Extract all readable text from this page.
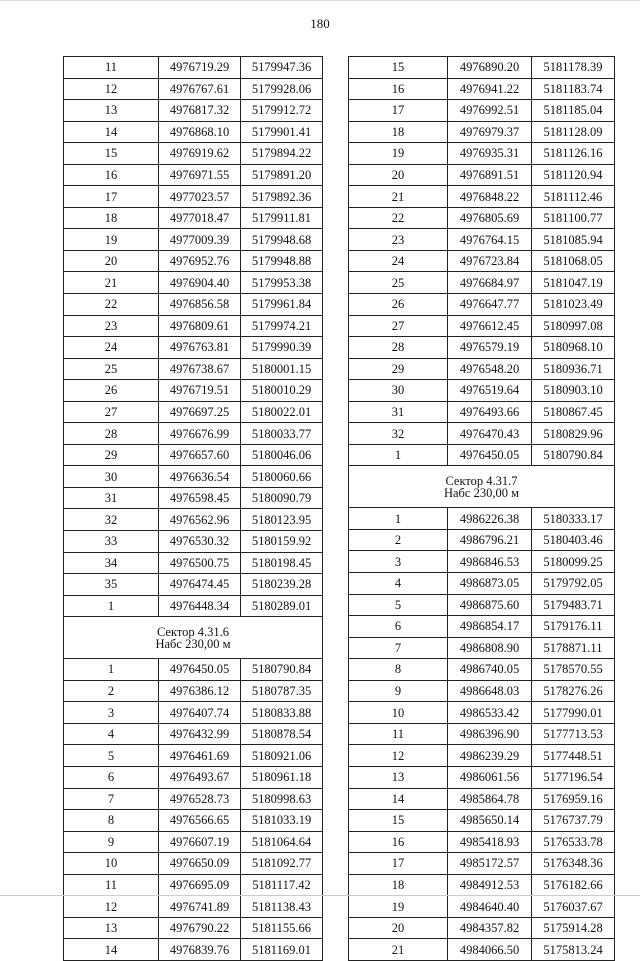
180
11	4976719.29	5179947.36
12	4976767.61	5179928.06
13	4976817.32	5179912.72
14	4976868.10	5179901.41
15	4976919.62	5179894.22
16	4976971.55	5179891.20
17	4977023.57	5179892.36
18	4977018.47	5179911.81
19	4977009.39	5179948.68
20	4976952.76	5179948.88
21	4976904.40	5179953.38
22	4976856.58	5179961.84
23	4976809.61	5179974.21
24	4976763.81	5179990.39
25	4976738.67	5180001.15
26	4976719.51	5180010.29
27	4976697.25	5180022.01
28	4976676.99	5180033.77
29	4976657.60	5180046.06
30	4976636.54	5180060.66
31	4976598.45	5180090.79
32	4976562.96	5180123.95
33	4976530.32	5180159.92
34	4976500.75	5180198.45
35	4976474.45	5180239.28
1	4976448.34	5180289.01

Сектор 4.31.6
Набс 230,00 м		

1	4976450.05	5180790.84
2	4976386.12	5180787.35
3	4976407.74	5180833.88
4	4976432.99	5180878.54
5	4976461.69	5180921.06
6	4976493.67	5180961.18
7	4976528.73	5180998.63
8	4976566.65	5181033.19
9	4976607.19	5181064.64
10	4976650.09	5181092.77
11	4976695.09	5181117.42
12	4976741.89	5181138.43
13	4976790.22	5181155.66
14	4976839.76	5181169.01
15	4976890.20	5181178.39
16	4976941.22	5181183.74
17	4976992.51	5181185.04
18	4976979.37	5181128.09
19	4976935.31	5181126.16
20	4976891.51	5181120.94
21	4976848.22	5181112.46
22	4976805.69	5181100.77
23	4976764.15	5181085.94
24	4976723.84	5181068.05
25	4976684.97	5181047.19
26	4976647.77	5181023.49
27	4976612.45	5180997.08
28	4976579.19	5180968.10
29	4976548.20	5180936.71
30	4976519.64	5180903.10
31	4976493.66	5180867.45
32	4976470.43	5180829.96
1	4976450.05	5180790.84

Сектор 4.31.7
Набс 230,00 м		

1	4986226.38	5180333.17
2	4986796.21	5180403.46
3	4986846.53	5180099.25
4	4986873.05	5179792.05
5	4986875.60	5179483.71
6	4986854.17	5179176.11
7	4986808.90	5178871.11
8	4986740.05	5178570.55
9	4986648.03	5178276.26
10	4986533.42	5177990.01
11	4986396.90	5177713.53
12	4986239.29	5177448.51
13	4986061.56	5177196.54
14	4985864.78	5176959.16
15	4985650.14	5176737.79
16	4985418.93	5176533.78
17	4985172.57	5176348.36
18	4984912.53	5176182.66
19	4984640.40	5176037.67
20	4984357.82	5175914.28
21	4984066.50	5175813.24
